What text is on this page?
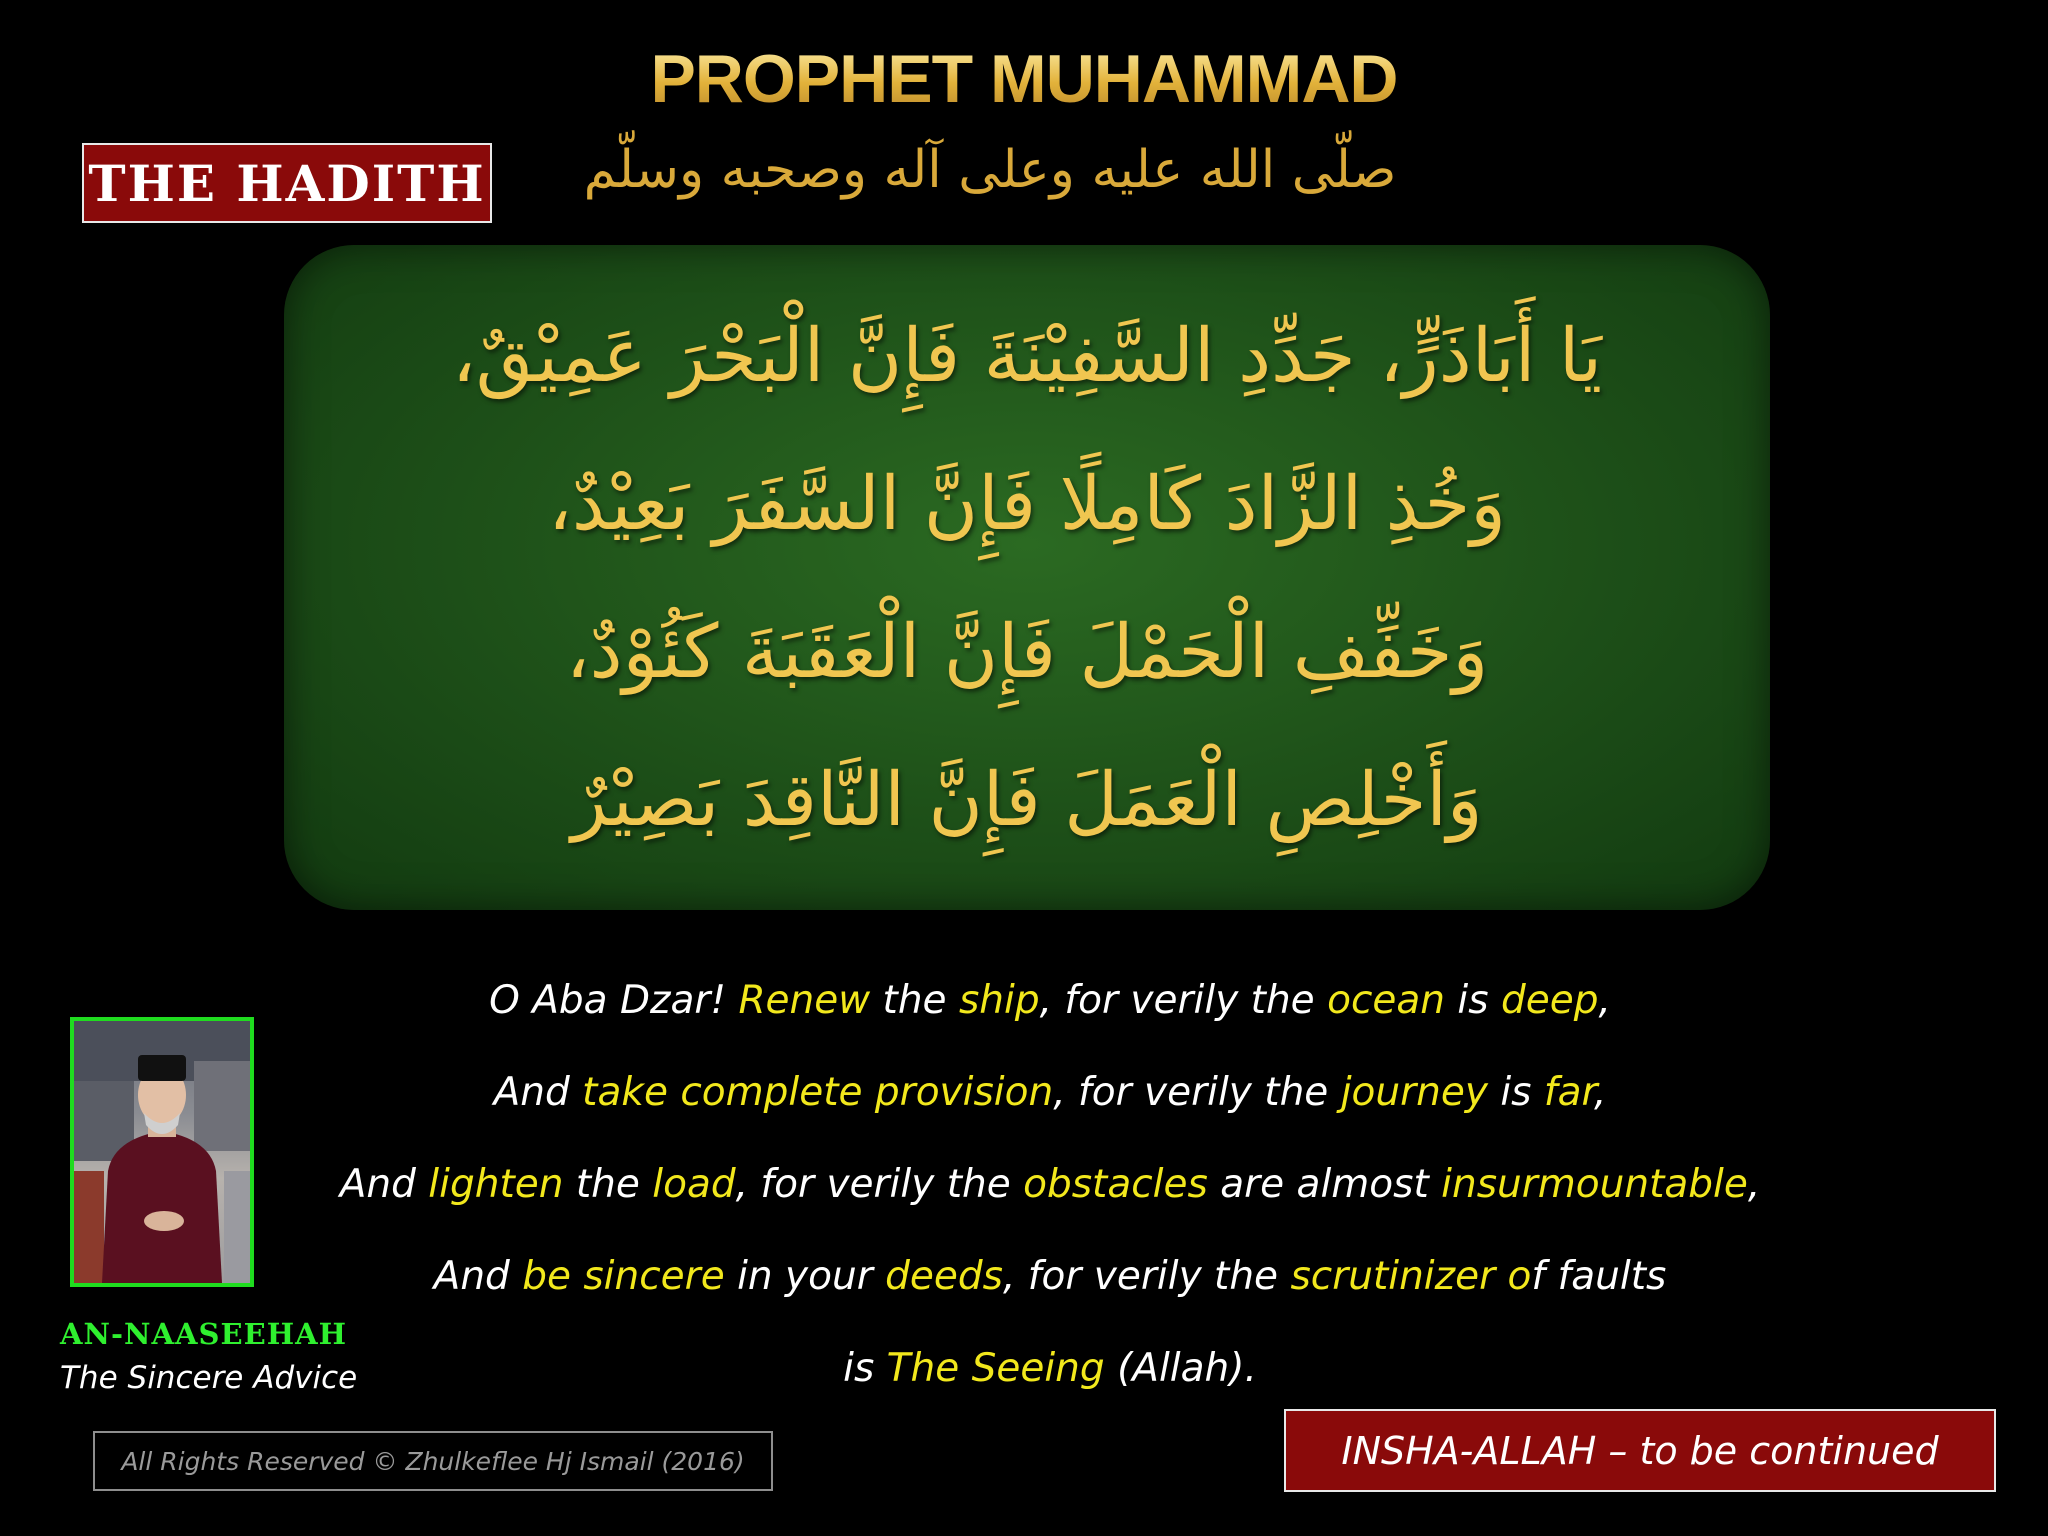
PROPHET MUHAMMAD
صلّى الله عليه وعلى آله وصحبه وسلّم
THE HADITH
يَا أَبَاذَرٍّ، جَدِّدِ السَّفِيْنَةَ فَإِنَّ الْبَحْرَ عَمِيْقٌ،
وَخُذِ الزَّادَ كَامِلًا فَإِنَّ السَّفَرَ بَعِيْدٌ،
وَخَفِّفِ الْحَمْلَ فَإِنَّ الْعَقَبَةَ كَئُوْدٌ،
وَأَخْلِصِ الْعَمَلَ فَإِنَّ النَّاقِدَ بَصِيْرٌ
O Aba Dzar! Renew the ship, for verily the ocean is deep,
And take complete provision, for verily the journey is far,
And lighten the load, for verily the obstacles are almost insurmountable,
And be sincere in your deeds, for verily the scrutinizer of faults
is The Seeing (Allah).
AN-NAASEEHAH
The Sincere Advice
All Rights Reserved © Zhulkeflee Hj Ismail (2016)	INSHA-ALLAH – to be continued
